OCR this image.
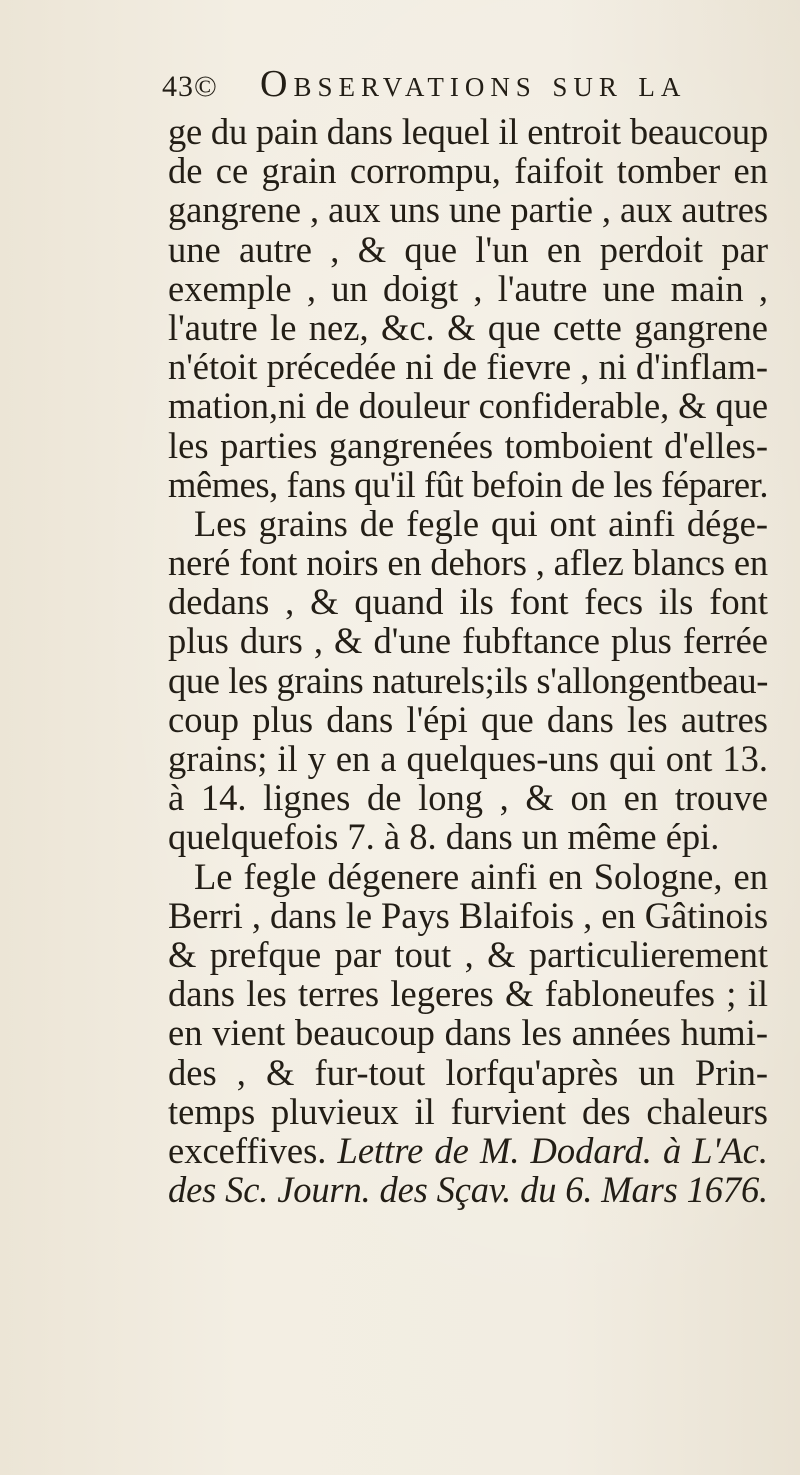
43© Observations sur la
ge du pain dans lequel il entroit beaucoup
de ce grain corrompu, faifoit tomber en
gangrene , aux uns une partie , aux autres
une autre , & que l'un en perdoit par
exemple , un doigt , l'autre une main ,
l'autre le nez, &c. & que cette gangrene
n'étoit précedée ni de fievre , ni d'inflam-
mation,ni de douleur confiderable, & que
les parties gangrenées tomboient d'elles-
mêmes, fans qu'il fût befoin de les féparer.
Les grains de fegle qui ont ainfi dége-
neré font noirs en dehors , aflez blancs en
dedans , & quand ils font fecs ils font
plus durs , & d'une fubftance plus ferrée
que les grains naturels;ils s'allongentbeau-
coup plus dans l'épi que dans les autres
grains; il y en a quelques-uns qui ont 13.
à 14. lignes de long , & on en trouve
quelquefois 7. à 8. dans un même épi.
Le fegle dégenere ainfi en Sologne, en
Berri , dans le Pays Blaifois , en Gâtinois
& prefque par tout , & particulierement
dans les terres legeres & fabloneufes ; il
en vient beaucoup dans les années humi-
des , & fur-tout lorfqu'après un Prin-
temps pluvieux il furvient des chaleurs
exceffives. Lettre de M. Dodard. à L'Ac.
des Sc. Journ. des Sçav. du 6. Mars 1676.
